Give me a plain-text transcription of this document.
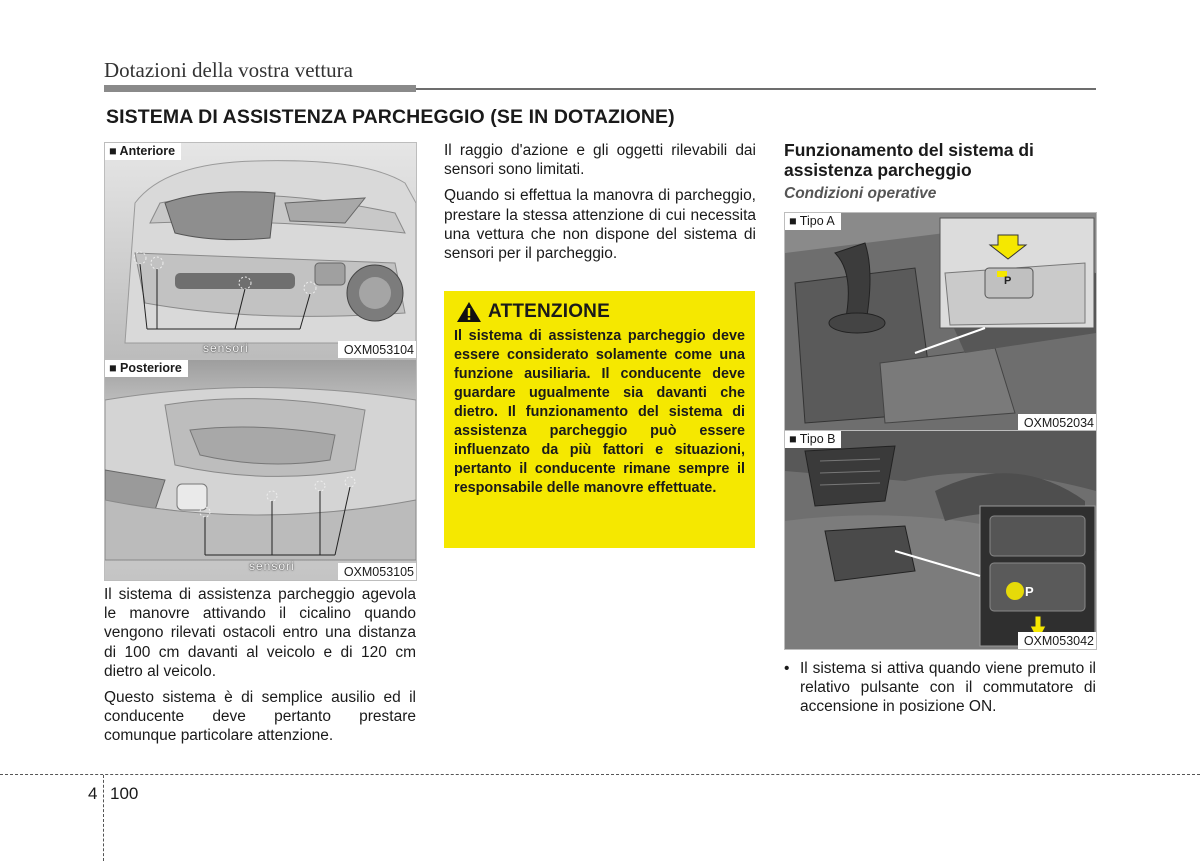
Dotazioni della vostra vettura
SISTEMA DI ASSISTENZA PARCHEGGIO (SE IN DOTAZIONE)
■ Anteriore
sensori	OXM053104
■ Posteriore
sensori	OXM053105

Il sistema di assistenza parcheggio agevola le manovre attivando il cicalino quando vengono rilevati ostacoli entro una distanza di 100 cm davanti al veicolo e di 120 cm dietro al veicolo.

Questo sistema è di semplice ausilio ed il conducente deve pertanto prestare comunque particolare attenzione.

Il raggio d'azione e gli oggetti rilevabili dai sensori sono limitati.

Quando si effettua la manovra di parcheggio, prestare la stessa attenzione di cui necessita una vettura che non dispone del sistema di sensori per il parcheggio.

ATTENZIONE
Il sistema di assistenza parcheggio deve essere considerato solamente come una funzione ausiliaria. Il conducente deve guardare ugualmente sia davanti che dietro. Il funzionamento del sistema di assistenza parcheggio può essere influenzato da più fattori e situazioni, pertanto il conducente rimane sempre il responsabile delle manovre effettuate.
Funzionamento del sistema di assistenza parcheggio
Condizioni operative
■ Tipo A
P
OXM052034
■ Tipo B
P
OXM053042
• Il sistema si attiva quando viene premuto il relativo pulsante con il commutatore di accensione in posizione ON.
4 100
